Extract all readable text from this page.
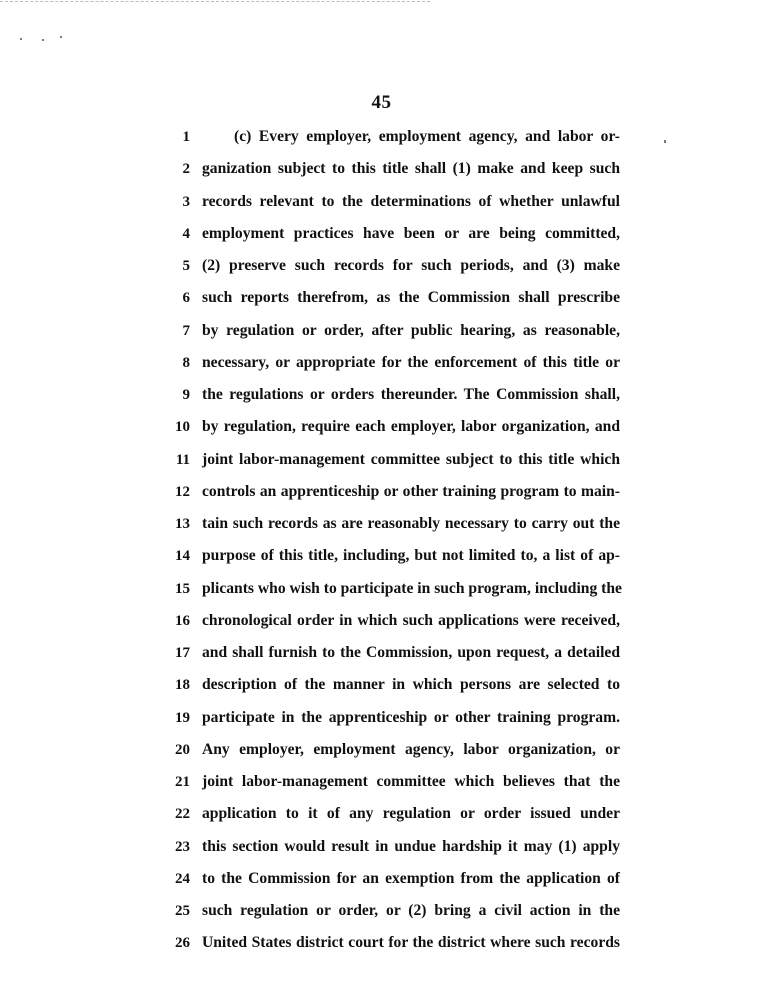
45
1	(c) Every employer, employment agency, and labor or-
2 ganization subject to this title shall (1) make and keep such
3 records relevant to the determinations of whether unlawful
4 employment practices have been or are being committed,
5 (2) preserve such records for such periods, and (3) make
6 such reports therefrom, as the Commission shall prescribe
7 by regulation or order, after public hearing, as reasonable,
8 necessary, or appropriate for the enforcement of this title or
9 the regulations or orders thereunder. The Commission shall,
10 by regulation, require each employer, labor organization, and
11 joint labor-management committee subject to this title which
12 controls an apprenticeship or other training program to main-
13 tain such records as are reasonably necessary to carry out the
14 purpose of this title, including, but not limited to, a list of ap-
15 plicants who wish to participate in such program, including the
16 chronological order in which such applications were received,
17 and shall furnish to the Commission, upon request, a detailed
18 description of the manner in which persons are selected to
19 participate in the apprenticeship or other training program.
20 Any employer, employment agency, labor organization, or
21 joint labor-management committee which believes that the
22 application to it of any regulation or order issued under
23 this section would result in undue hardship it may (1) apply
24 to the Commission for an exemption from the application of
25 such regulation or order, or (2) bring a civil action in the
26 United States district court for the district where such records
